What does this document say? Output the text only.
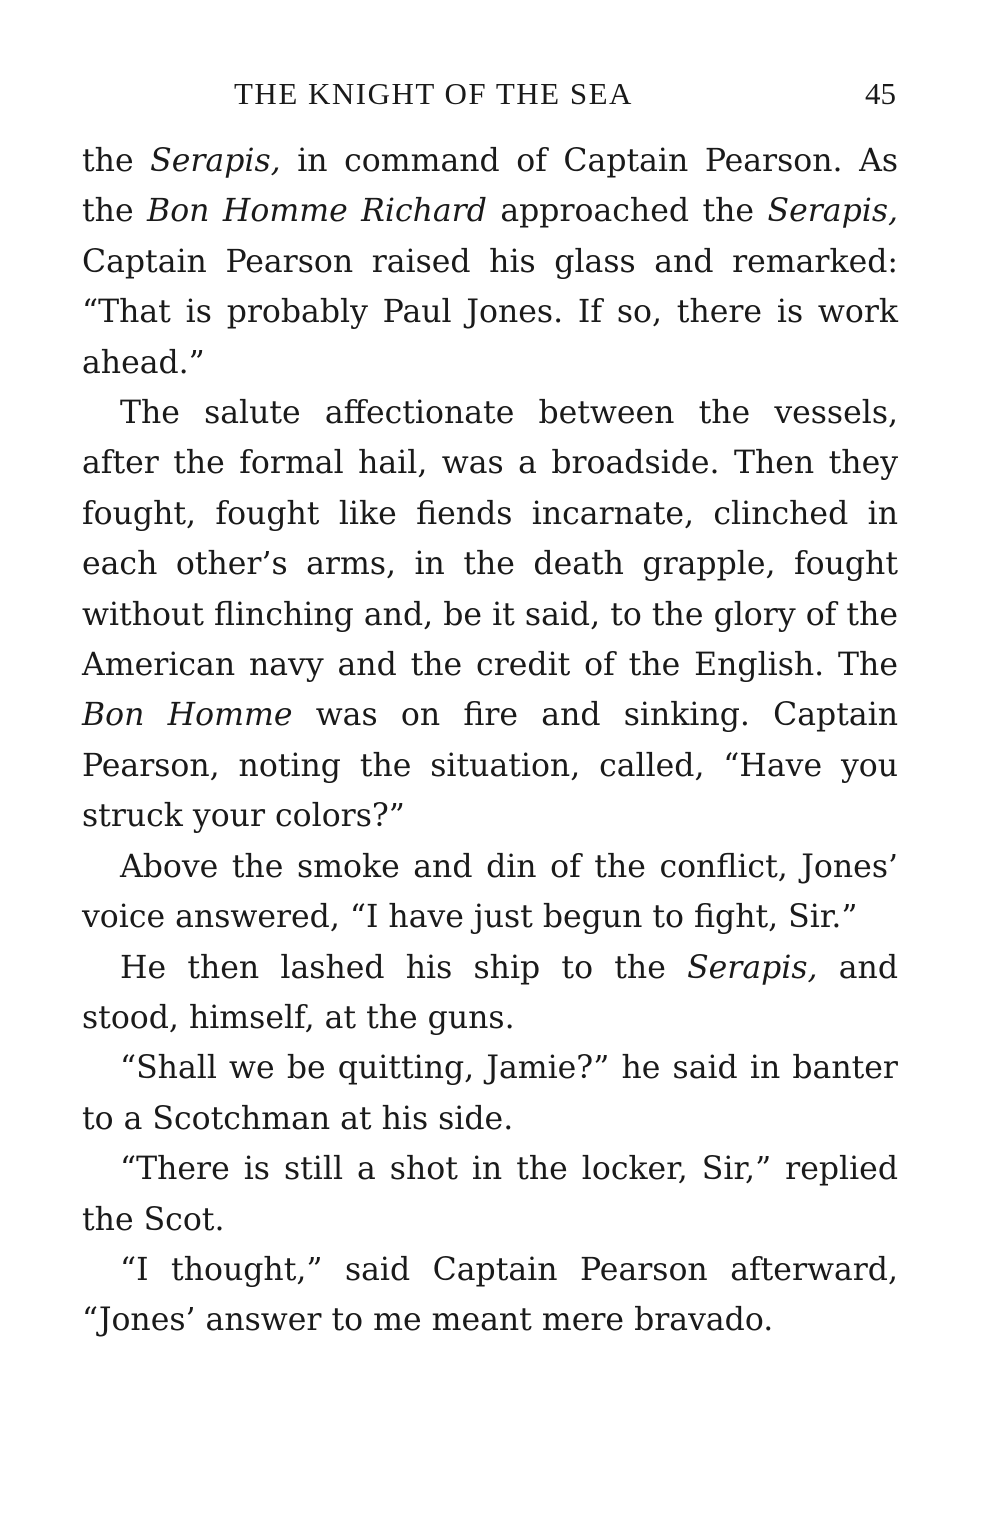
THE KNIGHT OF THE SEA	45

the Serapis, in command of Captain Pearson. As the Bon Homme Richard approached the Serapis, Captain Pearson raised his glass and remarked: “That is probably Paul Jones. If so, there is work ahead.”

The salute affectionate between the vessels, after the formal hail, was a broadside. Then they fought, fought like fiends incarnate, clinched in each other’s arms, in the death grapple, fought without flinching and, be it said, to the glory of the American navy and the credit of the English. The Bon Homme was on fire and sinking. Captain Pearson, noting the situation, called, “Have you struck your colors?”

Above the smoke and din of the conflict, Jones’ voice answered, “I have just begun to fight, Sir.”

He then lashed his ship to the Serapis, and stood, himself, at the guns.

“Shall we be quitting, Jamie?” he said in banter to a Scotchman at his side.

“There is still a shot in the locker, Sir,” replied the Scot.

“I thought,” said Captain Pearson afterward, “Jones’ answer to me meant mere bravado.
